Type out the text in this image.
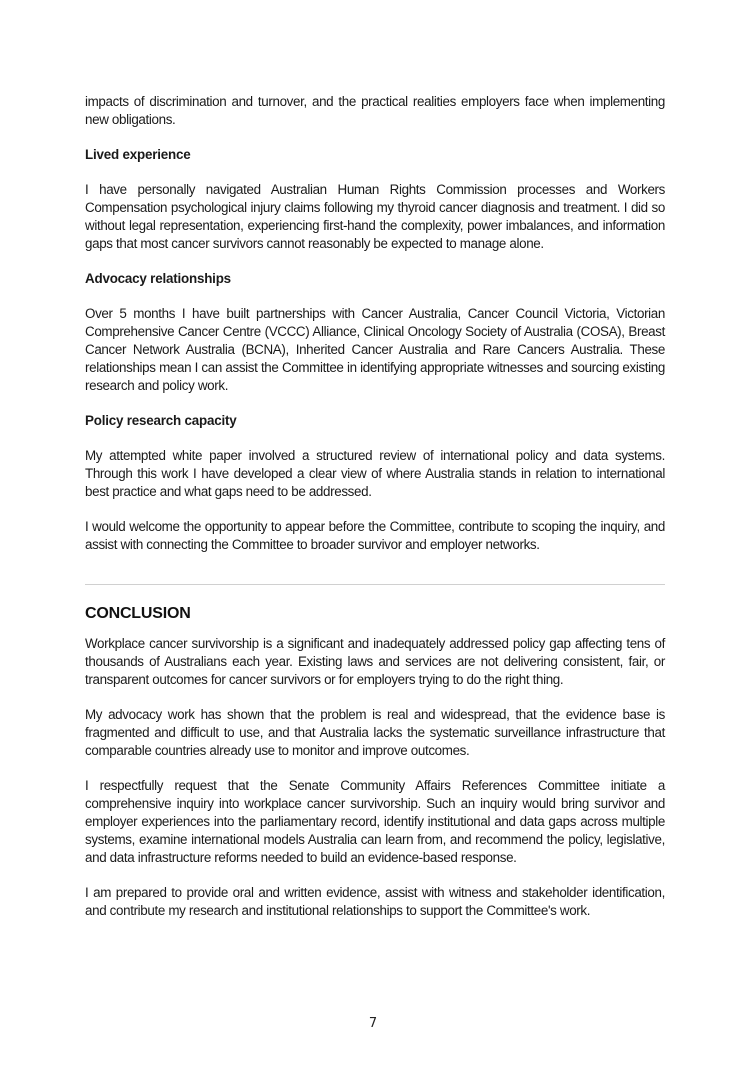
impacts of discrimination and turnover, and the practical realities employers face when implementing new obligations.

Lived experience

I have personally navigated Australian Human Rights Commission processes and Workers Compensation psychological injury claims following my thyroid cancer diagnosis and treatment. I did so without legal representation, experiencing first-hand the complexity, power imbalances, and information gaps that most cancer survivors cannot reasonably be expected to manage alone.

Advocacy relationships

Over 5 months I have built partnerships with Cancer Australia, Cancer Council Victoria, Victorian Comprehensive Cancer Centre (VCCC) Alliance, Clinical Oncology Society of Australia (COSA), Breast Cancer Network Australia (BCNA), Inherited Cancer Australia and Rare Cancers Australia. These relationships mean I can assist the Committee in identifying appropriate witnesses and sourcing existing research and policy work.

Policy research capacity

My attempted white paper involved a structured review of international policy and data systems. Through this work I have developed a clear view of where Australia stands in relation to international best practice and what gaps need to be addressed.

I would welcome the opportunity to appear before the Committee, contribute to scoping the inquiry, and assist with connecting the Committee to broader survivor and employer networks.

CONCLUSION

Workplace cancer survivorship is a significant and inadequately addressed policy gap affecting tens of thousands of Australians each year. Existing laws and services are not delivering consistent, fair, or transparent outcomes for cancer survivors or for employers trying to do the right thing.

My advocacy work has shown that the problem is real and widespread, that the evidence base is fragmented and difficult to use, and that Australia lacks the systematic surveillance infrastructure that comparable countries already use to monitor and improve outcomes.

I respectfully request that the Senate Community Affairs References Committee initiate a comprehensive inquiry into workplace cancer survivorship. Such an inquiry would bring survivor and employer experiences into the parliamentary record, identify institutional and data gaps across multiple systems, examine international models Australia can learn from, and recommend the policy, legislative, and data infrastructure reforms needed to build an evidence-based response.

I am prepared to provide oral and written evidence, assist with witness and stakeholder identification, and contribute my research and institutional relationships to support the Committee's work.

7
